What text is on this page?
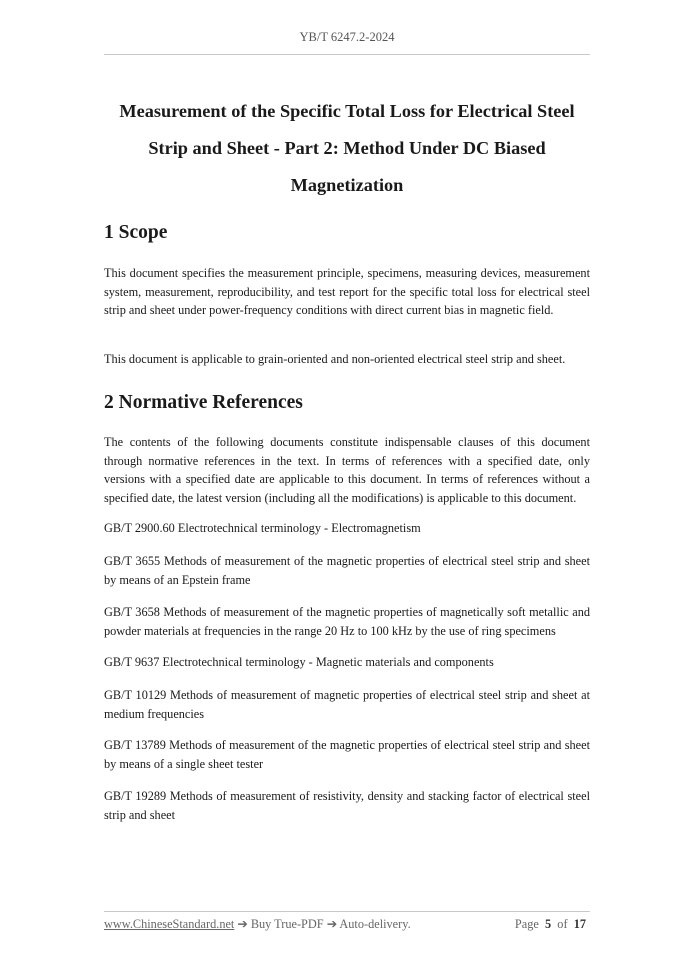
YB/T 6247.2-2024
Measurement of the Specific Total Loss for Electrical Steel
Strip and Sheet - Part 2: Method Under DC Biased
Magnetization
1 Scope

This document specifies the measurement principle, specimens, measuring devices, measurement system, measurement, reproducibility, and test report for the specific total loss for electrical steel strip and sheet under power-frequency conditions with direct current bias in magnetic field.

This document is applicable to grain-oriented and non-oriented electrical steel strip and sheet.

2 Normative References

The contents of the following documents constitute indispensable clauses of this document through normative references in the text. In terms of references with a specified date, only versions with a specified date are applicable to this document. In terms of references without a specified date, the latest version (including all the modifications) is applicable to this document.

GB/T 2900.60 Electrotechnical terminology - Electromagnetism

GB/T 3655 Methods of measurement of the magnetic properties of electrical steel strip and sheet by means of an Epstein frame

GB/T 3658 Methods of measurement of the magnetic properties of magnetically soft metallic and powder materials at frequencies in the range 20 Hz to 100 kHz by the use of ring specimens

GB/T 9637 Electrotechnical terminology - Magnetic materials and components

GB/T 10129 Methods of measurement of magnetic properties of electrical steel strip and sheet at medium frequencies

GB/T 13789 Methods of measurement of the magnetic properties of electrical steel strip and sheet by means of a single sheet tester

GB/T 19289 Methods of measurement of resistivity, density and stacking factor of electrical steel strip and sheet

www.ChineseStandard.net ➔ Buy True-PDF ➔ Auto-delivery.	Page 5 of 17
